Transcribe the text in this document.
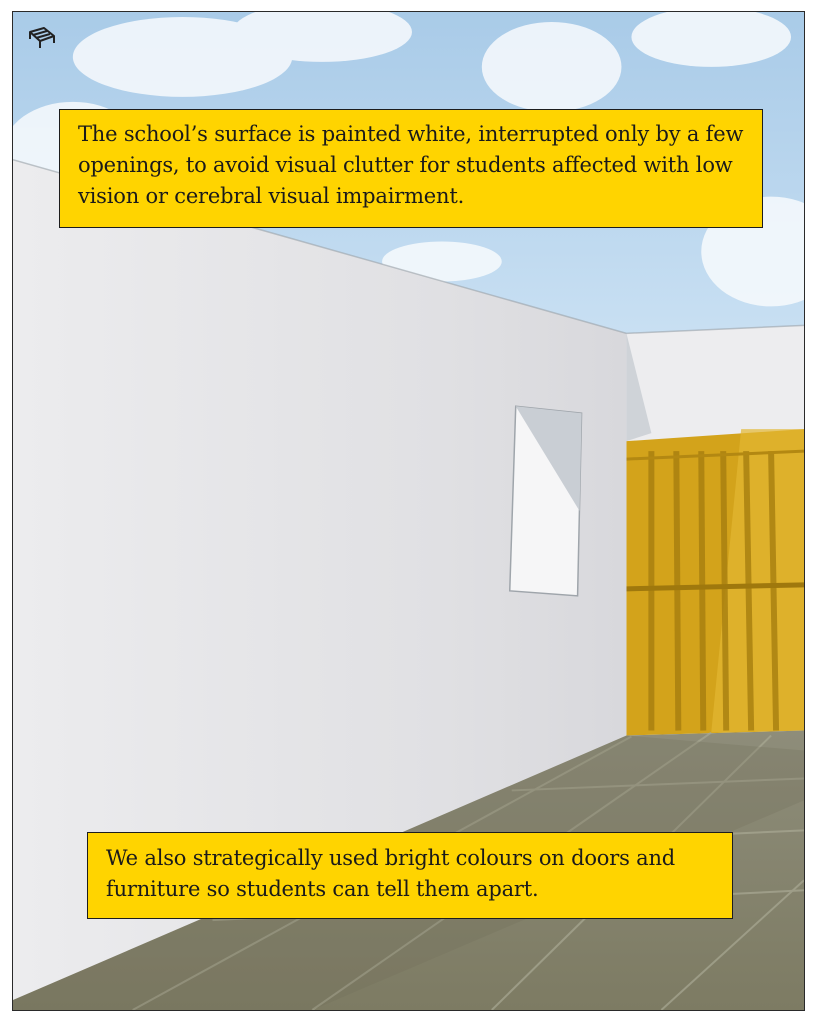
The school’s surface is painted white, interrupted only by a few openings, to avoid visual clutter for students affected with low vision or cerebral visual impairment.
We also strategically used bright colours on doors and furniture so students can tell them apart.
